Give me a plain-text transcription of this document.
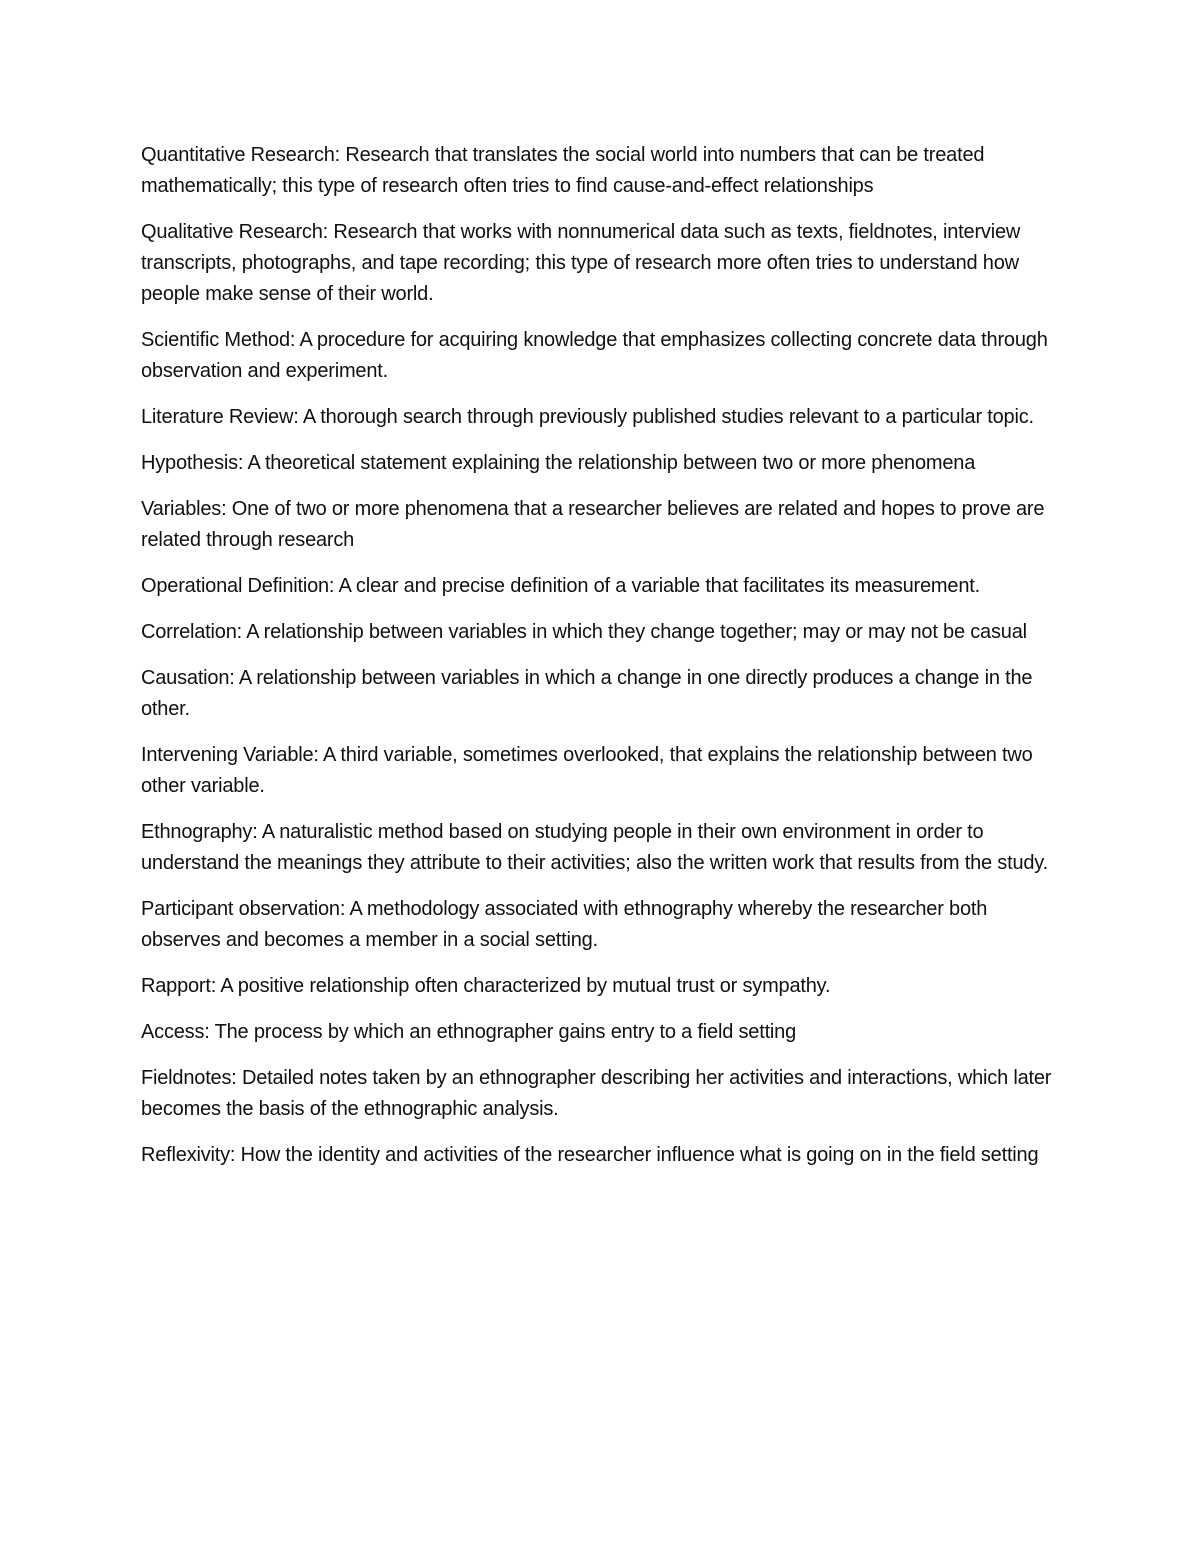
Quantitative Research: Research that translates the social world into numbers that can be treated mathematically; this type of research often tries to find cause-and-effect relationships

Qualitative Research: Research that works with nonnumerical data such as texts, fieldnotes, interview transcripts, photographs, and tape recording; this type of research more often tries to understand how people make sense of their world.

Scientific Method: A procedure for acquiring knowledge that emphasizes collecting concrete data through observation and experiment.

Literature Review: A thorough search through previously published studies relevant to a particular topic.

Hypothesis: A theoretical statement explaining the relationship between two or more phenomena

Variables: One of two or more phenomena that a researcher believes are related and hopes to prove are related through research

Operational Definition: A clear and precise definition of a variable that facilitates its measurement.

Correlation: A relationship between variables in which they change together; may or may not be casual

Causation: A relationship between variables in which a change in one directly produces a change in the other.

Intervening Variable: A third variable, sometimes overlooked, that explains the relationship between two other variable.

Ethnography: A naturalistic method based on studying people in their own environment in order to understand the meanings they attribute to their activities; also the written work that results from the study.

Participant observation: A methodology associated with ethnography whereby the researcher both observes and becomes a member in a social setting.

Rapport: A positive relationship often characterized by mutual trust or sympathy.

Access: The process by which an ethnographer gains entry to a field setting

Fieldnotes: Detailed notes taken by an ethnographer describing her activities and interactions, which later becomes the basis of the ethnographic analysis.

Reflexivity: How the identity and activities of the researcher influence what is going on in the field setting
